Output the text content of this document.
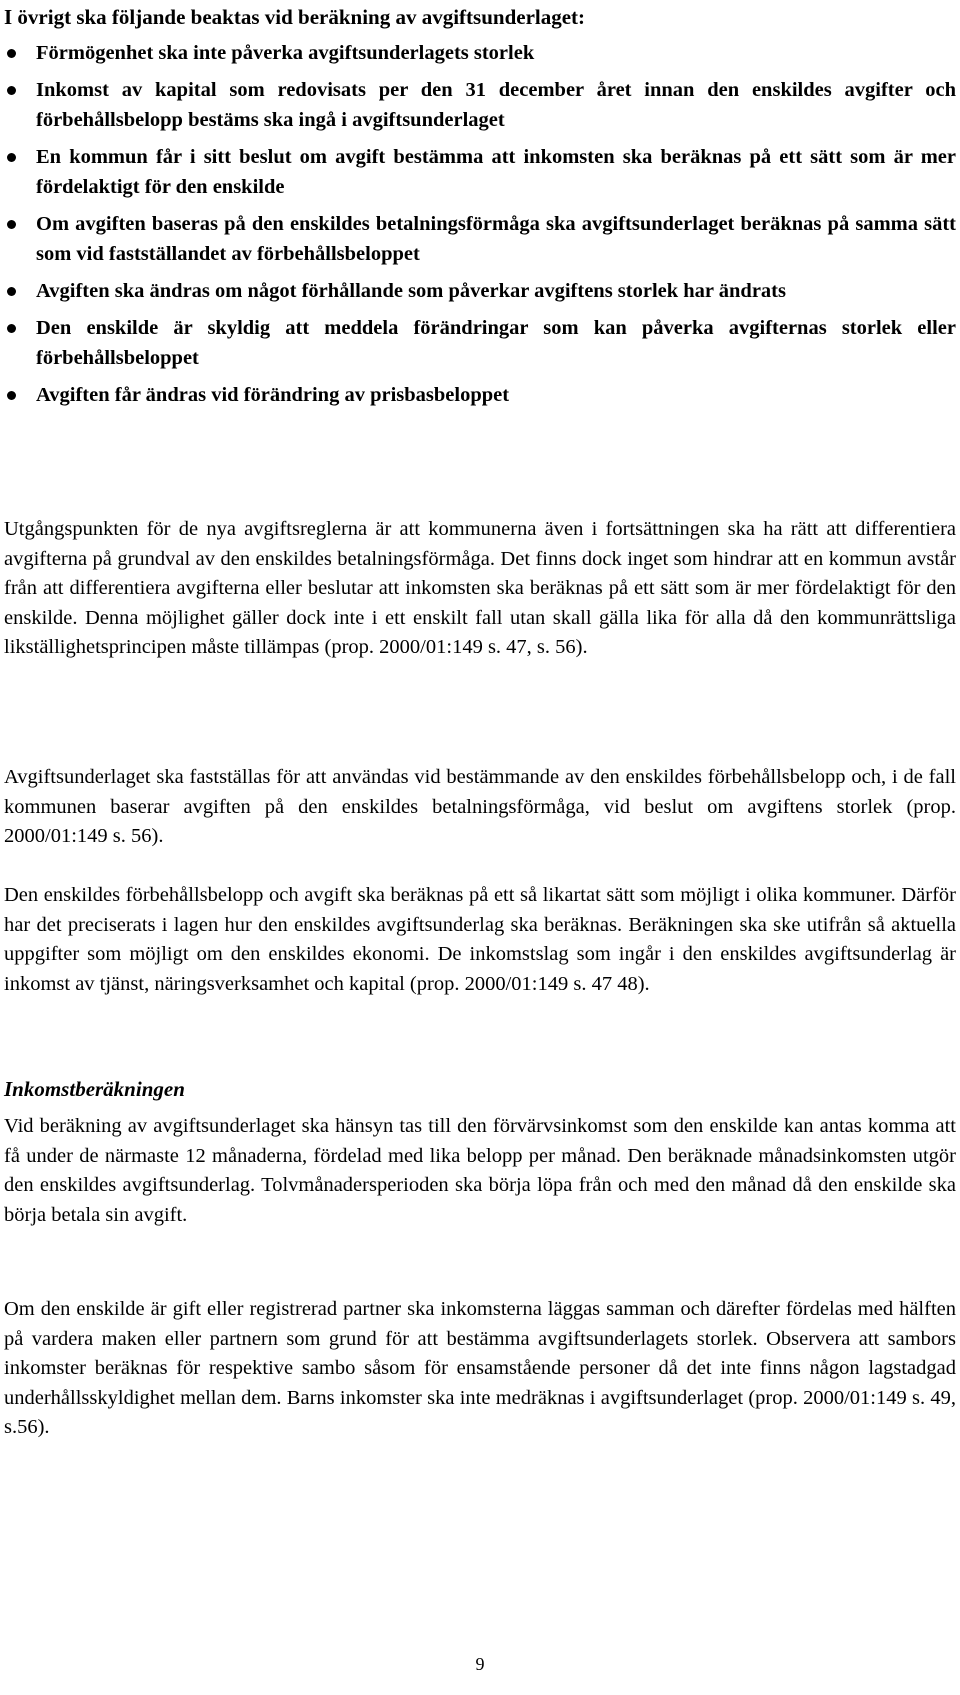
I övrigt ska följande beaktas vid beräkning av avgiftsunderlaget:

Förmögenhet ska inte påverka avgiftsunderlagets storlek
Inkomst av kapital som redovisats per den 31 december året innan den enskildes avgifter och förbehållsbelopp bestäms ska ingå i avgiftsunderlaget
En kommun får i sitt beslut om avgift bestämma att inkomsten ska beräknas på ett sätt som är mer fördelaktigt för den enskilde
Om avgiften baseras på den enskildes betalningsförmåga ska avgiftsunderlaget beräknas på samma sätt som vid fastställandet av förbehållsbeloppet
Avgiften ska ändras om något förhållande som påverkar avgiftens storlek har ändrats
Den enskilde är skyldig att meddela förändringar som kan påverka avgifternas storlek eller förbehållsbeloppet
Avgiften får ändras vid förändring av prisbasbeloppet

Utgångspunkten för de nya avgiftsreglerna är att kommunerna även i fortsättningen ska ha rätt att differentiera avgifterna på grundval av den enskildes betalningsförmåga. Det finns dock inget som hindrar att en kommun avstår från att differentiera avgifterna eller beslutar att inkomsten ska beräknas på ett sätt som är mer fördelaktigt för den enskilde. Denna möjlighet gäller dock inte i ett enskilt fall utan skall gälla lika för alla då den kommunrättsliga likställighetsprincipen måste tillämpas (prop. 2000/01:149 s. 47, s. 56).

Avgiftsunderlaget ska fastställas för att användas vid bestämmande av den enskildes förbehållsbelopp och, i de fall kommunen baserar avgiften på den enskildes betalningsförmåga, vid beslut om avgiftens storlek (prop. 2000/01:149 s. 56).

Den enskildes förbehållsbelopp och avgift ska beräknas på ett så likartat sätt som möjligt i olika kommuner. Därför har det preciserats i lagen hur den enskildes avgiftsunderlag ska beräknas. Beräkningen ska ske utifrån så aktuella uppgifter som möjligt om den enskildes ekonomi. De inkomstslag som ingår i den enskildes avgiftsunderlag är inkomst av tjänst, näringsverksamhet och kapital (prop. 2000/01:149 s. 47 48).

Inkomstberäkningen

Vid beräkning av avgiftsunderlaget ska hänsyn tas till den förvärvsinkomst som den enskilde kan antas komma att få under de närmaste 12 månaderna, fördelad med lika belopp per månad. Den beräknade månadsinkomsten utgör den enskildes avgiftsunderlag. Tolvmånadersperioden ska börja löpa från och med den månad då den enskilde ska börja betala sin avgift.

Om den enskilde är gift eller registrerad partner ska inkomsterna läggas samman och därefter fördelas med hälften på vardera maken eller partnern som grund för att bestämma avgiftsunderlagets storlek. Observera att sambors inkomster beräknas för respektive sambo såsom för ensamstående personer då det inte finns någon lagstadgad underhållsskyldighet mellan dem. Barns inkomster ska inte medräknas i avgiftsunderlaget (prop. 2000/01:149 s. 49, s.56).

9
